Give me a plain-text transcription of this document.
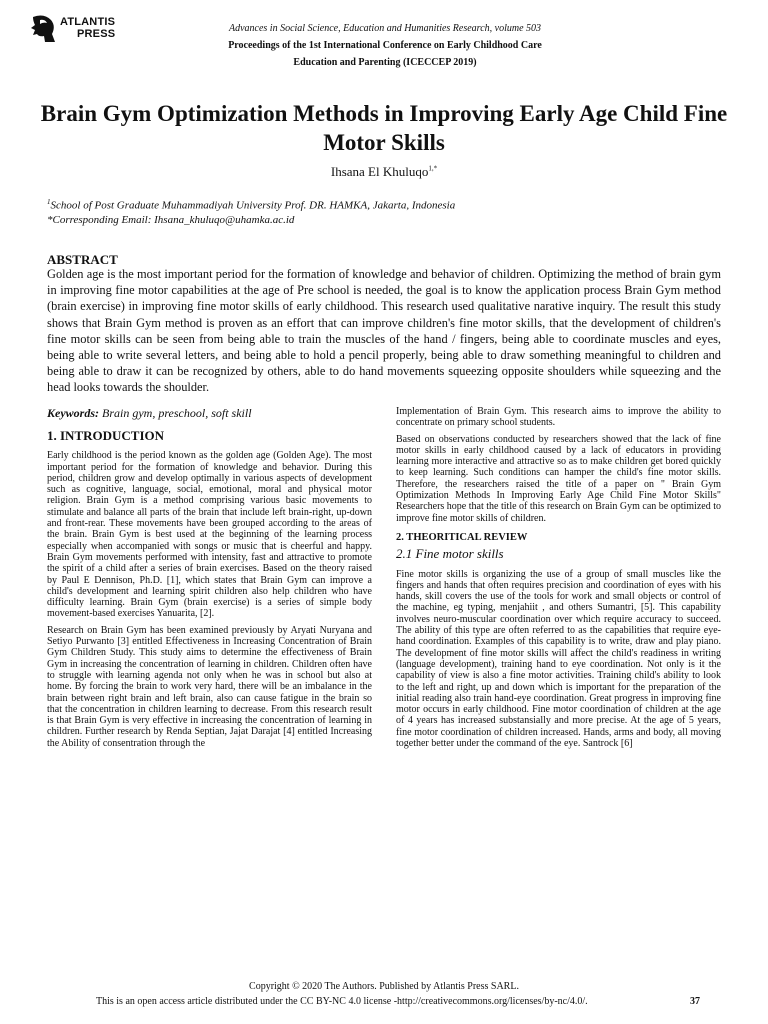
ATLANTIS
PRESS	Advances in Social Science, Education and Humanities Research, volume 503
Proceedings of the 1st International Conference on Early Childhood Care
Education and Parenting (ICECCEP 2019)
Brain Gym Optimization Methods in Improving Early Age Child Fine Motor Skills
Ihsana El Khuluqo$^{1,*}$
$^1$School of Post Graduate Muhammadiyah University Prof. DR. HAMKA, Jakarta, Indonesia
*Corresponding Email: Ihsana_khuluqo@uhamka.ac.id
ABSTRACT
Golden age is the most important period for the formation of knowledge and behavior of children. Optimizing the method of brain gym in improving fine motor capabilities at the age of Pre school is needed, the goal is to know the application process Brain Gym method (brain exercise) in improving fine motor skills of early childhood. This research used qualitative narative inquiry. The result this study shows that Brain Gym method is proven as an effort that can improve children's fine motor skills, that the development of children's fine motor skills can be seen from being able to train the muscles of the hand / fingers, being able to coordinate muscles and eyes, being able to write several letters, and being able to hold a pencil properly, being able to draw something meaningful to children and being able to draw it can be recognized by others, able to do hand movements squeezing opposite shoulders while squeezing and the head looks towards the shoulder.

Keywords: Brain gym, preschool, soft skill

1. INTRODUCTION

Early childhood is the period known as the golden age (Golden Age). The most important period for the formation of knowledge and behavior. During this period, children grow and develop optimally in various aspects of development such as cognitive, language, social, emotional, moral and physical motor religion. Brain Gym is a method comprising various basic movements to stimulate and balance all parts of the brain that include left brain-right, up-down and front-rear. These movements have been grouped according to the areas of the brain. Brain Gym is best used at the beginning of the learning process especially when accompanied with songs or music that is cheerful and happy. Brain Gym movements performed with intensity, fast and attractive to promote the spirit of a child after a series of brain exercises. Based on the theory raised by Paul E Dennison, Ph.D. [1], which states that Brain Gym can improve a child's development and learning spirit children also help children who have difficulty learning. Brain Gym (brain exercise) is a series of simple body movement-based exercises Yanuarita, [2].

Research on Brain Gym has been examined previously by Aryati Nuryana and Setiyo Purwanto [3] entitled Effectiveness in Increasing Concentration of Brain Gym Children Study. This study aims to determine the effectiveness of Brain Gym in increasing the concentration of learning in children. Children often have to struggle with learning agenda not only when he was in school but also at home. By forcing the brain to work very hard, there will be an imbalance in the brain between right brain and left brain, also can cause fatigue in the brain so that the concentration in children learning to decrease. From this research result is that Brain Gym is very effective in increasing the concentration of learning in children. Further research by Renda Septian, Jajat Darajat [4] entitled Increasing the Ability of consentration through the

Implementation of Brain Gym. This research aims to improve the ability to concentrate on primary school students.

Based on observations conducted by researchers showed that the lack of fine motor skills in early childhood caused by a lack of educators in providing learning more interactive and attractive so as to make children get bored quickly to keep learning. Such conditions can hamper the child's fine motor skills. Therefore, the researchers raised the title of a paper on " Brain Gym Optimization Methods In Improving Early Age Child Fine Motor Skills" Researchers hope that the title of this research on Brain Gym can be optimized to improve fine motor skills of children.

2. THEORITICAL REVIEW

2.1 Fine motor skills

Fine motor skills is organizing the use of a group of small muscles like the fingers and hands that often requires precision and coordination of eyes with his hands, skill covers the use of the tools for work and small objects or control of the machine, eg typing, menjahiit , and others Sumantri, [5]. This capability involves neuro-muscular coordination over which require accuracy to succeed. The ability of this type are often referred to as the capabilities that require eye-hand coordination. Examples of this capability is to write, draw and play piano. The development of fine motor skills will affect the child's readiness in writing (language development), training hand to eye coordination. Not only is it the capability of view is also a fine motor activities. Training child's ability to look to the left and right, up and down which is important for the preparation of the initial reading also train hand-eye coordination. Great progress in improving fine motor occurs in early childhood. Fine motor coordination of children at the age of 4 years has increased substansially and more precise. At the age of 5 years, fine motor coordination of children increased. Hands, arms and body, all moving together better under the command of the eye. Santrock [6]

Copyright © 2020 The Authors. Published by Atlantis Press SARL.
This is an open access article distributed under the CC BY-NC 4.0 license -http://creativecommons.org/licenses/by-nc/4.0/.	37
